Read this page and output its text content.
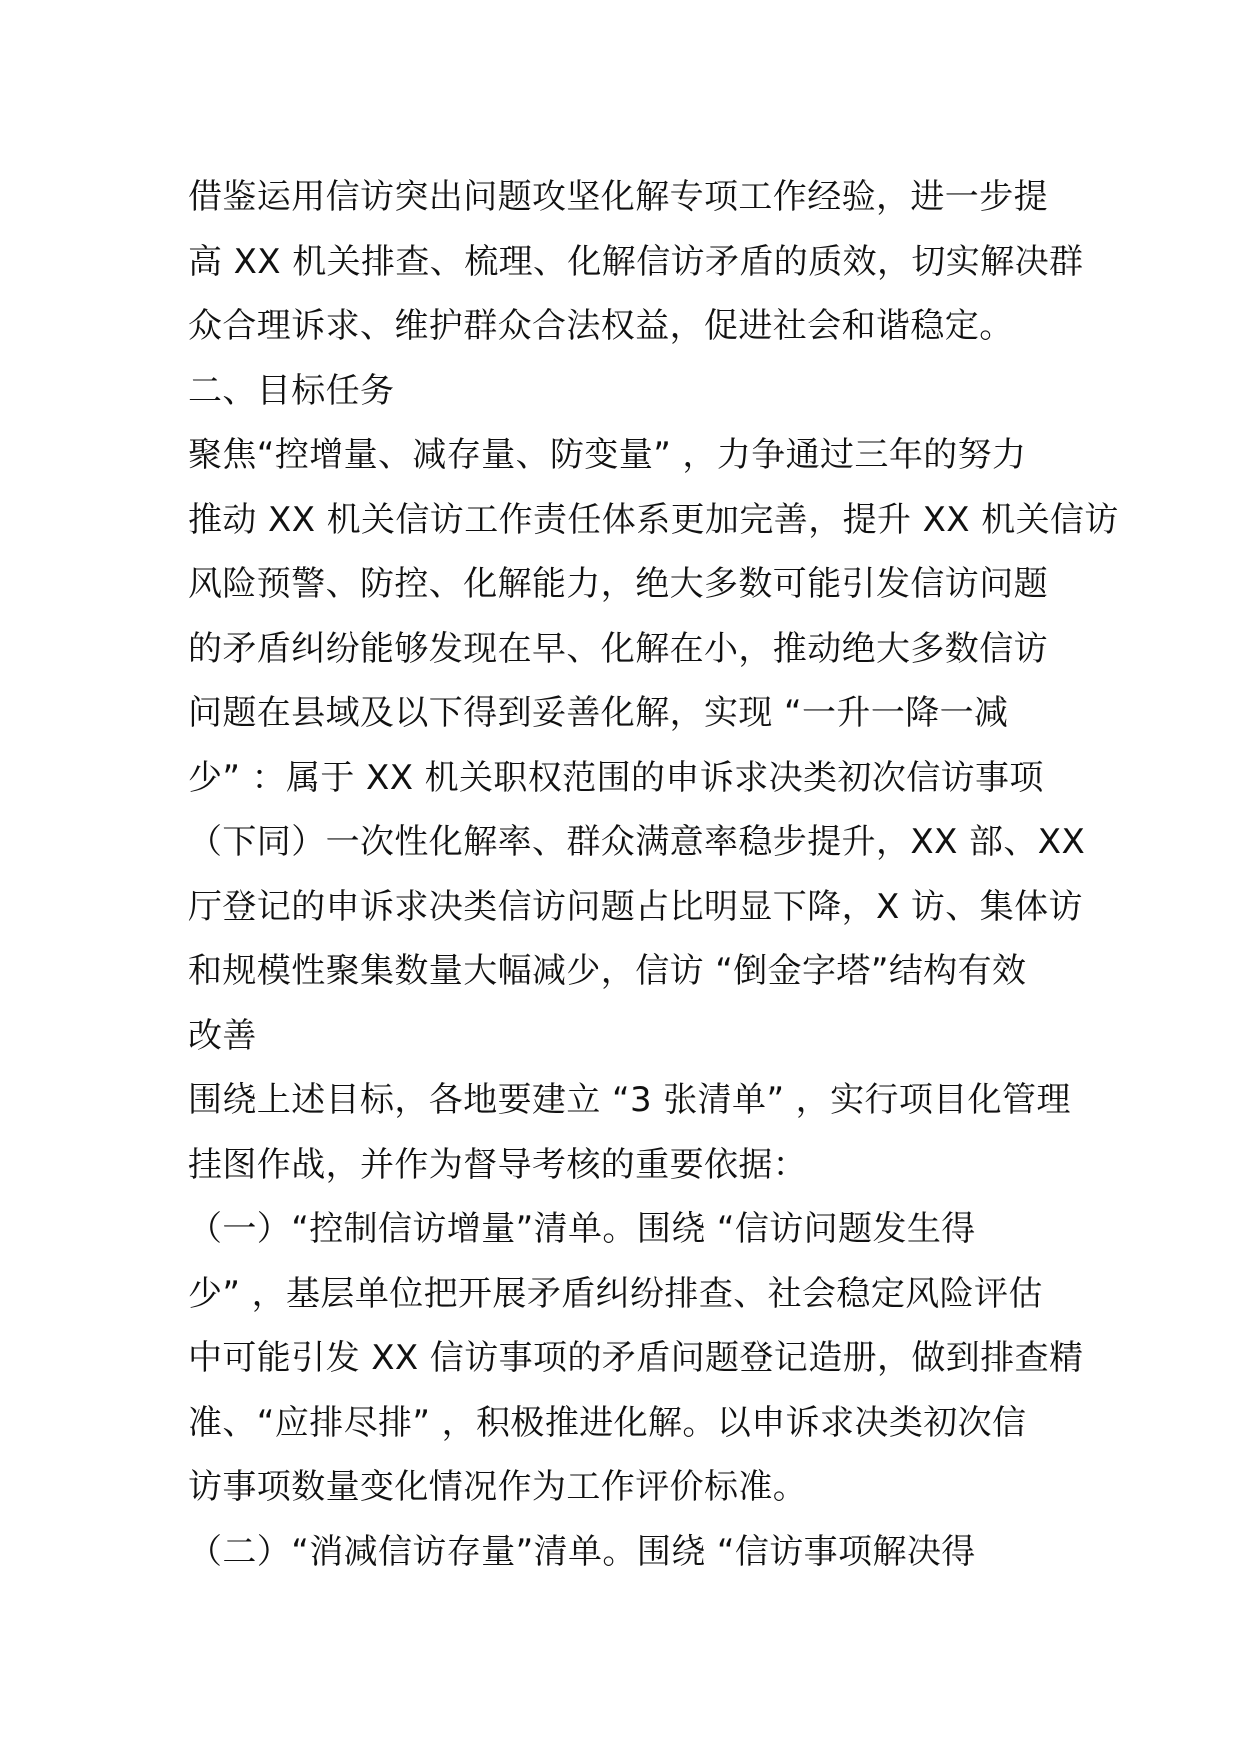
借鉴运用信访突出问题攻坚化解专项工作经验，进一步提
高 XX 机关排查、梳理、化解信访矛盾的质效，切实解决群
众合理诉求、维护群众合法权益，促进社会和谐稳定。
二、目标任务
聚焦“控增量、减存量、防变量” ，力争通过三年的努力
推动 XX 机关信访工作责任体系更加完善，提升 XX 机关信访
风险预警、防控、化解能力，绝大多数可能引发信访问题
的矛盾纠纷能够发现在早、化解在小，推动绝大多数信访
问题在县域及以下得到妥善化解，实现 “一升一降一减
少” ：属于 XX 机关职权范围的申诉求决类初次信访事项
（下同）一次性化解率、群众满意率稳步提升，XX 部、XX
厅登记的申诉求决类信访问题占比明显下降，X 访、集体访
和规模性聚集数量大幅减少，信访 “倒金字塔”结构有效
改善
围绕上述目标，各地要建立 “3 张清单” ，实行项目化管理
挂图作战，并作为督导考核的重要依据：
（一）“控制信访增量”清单。围绕 “信访问题发生得
少” ，基层单位把开展矛盾纠纷排查、社会稳定风险评估
中可能引发 XX 信访事项的矛盾问题登记造册，做到排查精
准、“应排尽排” ，积极推进化解。以申诉求决类初次信
访事项数量变化情况作为工作评价标准。
（二）“消减信访存量”清单。围绕 “信访事项解决得
